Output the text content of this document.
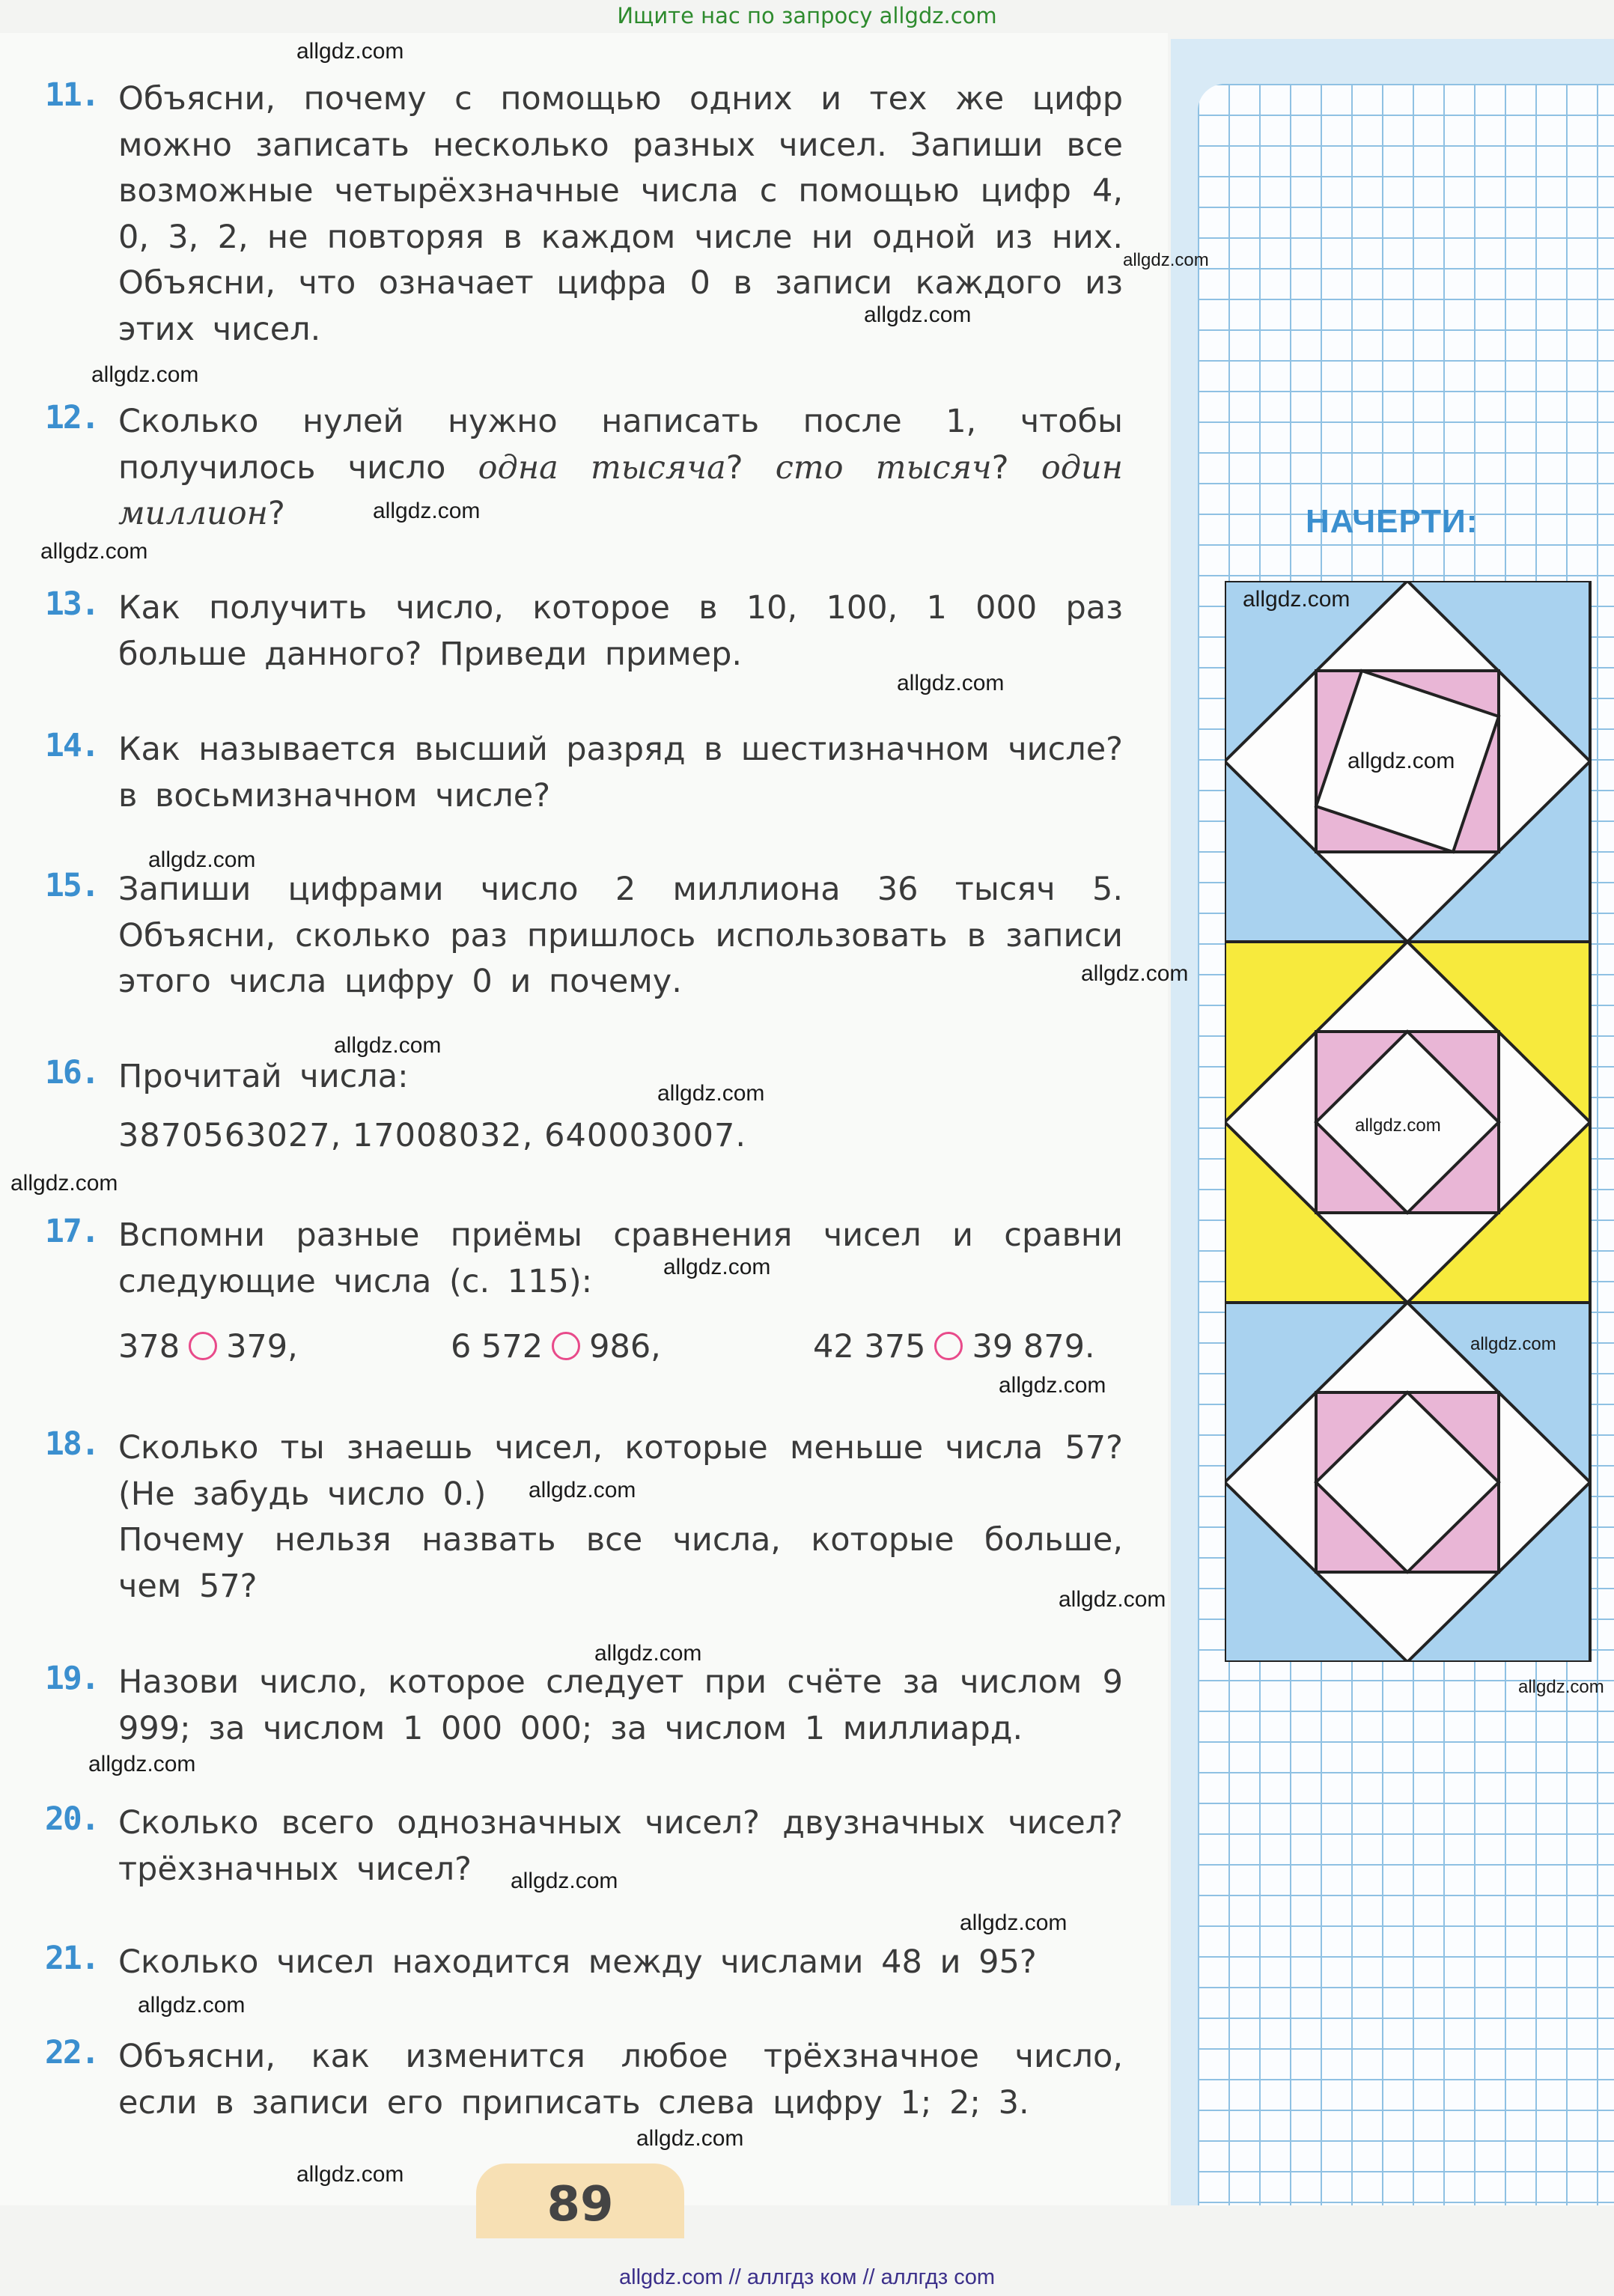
Ищите нас по запросу allgdz.com
НАЧЕРТИ:
11. Объясни, почему с помощью одних и тех же цифр можно записать несколько разных чисел. Запиши все возможные четырёхзначные числа с помощью цифр 4, 0, 3, 2, не повторяя в каждом числе ни одной из них. Объясни, что означает цифра 0 в записи каждого из этих чисел.
12. Сколько нулей нужно написать после 1, чтобы получилось число одна тысяча? сто тысяч? один миллион?
13. Как получить число, которое в 10, 100, 1 000 раз больше данного? Приведи пример.
14. Как называется высший разряд в шестизначном числе? в восьмизначном числе?
15. Запиши цифрами число 2 миллиона 36 тысяч 5. Объясни, сколько раз пришлось использовать в записи этого числа цифру 0 и почему.
16. Прочитай числа:
3870563027, 17008032, 640003007.
17. Вспомни разные приёмы сравнения чисел и сравни следующие числа (с. 115):
378 379,	6 572 986,	42 375 39 879.
18. Сколько ты знаешь чисел, которые меньше числа 57? (Не забудь число 0.)
Почему нельзя назвать все числа, которые больше, чем 57?
19. Назови число, которое следует при счёте за числом 9 999; за числом 1 000 000; за числом 1 миллиард.
20. Сколько всего однозначных чисел? двузначных чисел? трёхзначных чисел?
21. Сколько чисел находится между числами 48 и 95?
22. Объясни, как изменится любое трёхзначное число, если в записи его приписать слева цифру 1; 2; 3.
89
allgdz.com
allgdz.com
allgdz.com
allgdz.com
allgdz.com
allgdz.com
allgdz.com
allgdz.com
allgdz.com
allgdz.com
allgdz.com
allgdz.com
allgdz.com
allgdz.com
allgdz.com
allgdz.com
allgdz.com
allgdz.com
allgdz.com
allgdz.com
allgdz.com
allgdz.com
allgdz.com
allgdz.com
allgdz.com
allgdz.com
allgdz.com
allgdz.com
allgdz.com // аллгдз ком // аллгдз com
